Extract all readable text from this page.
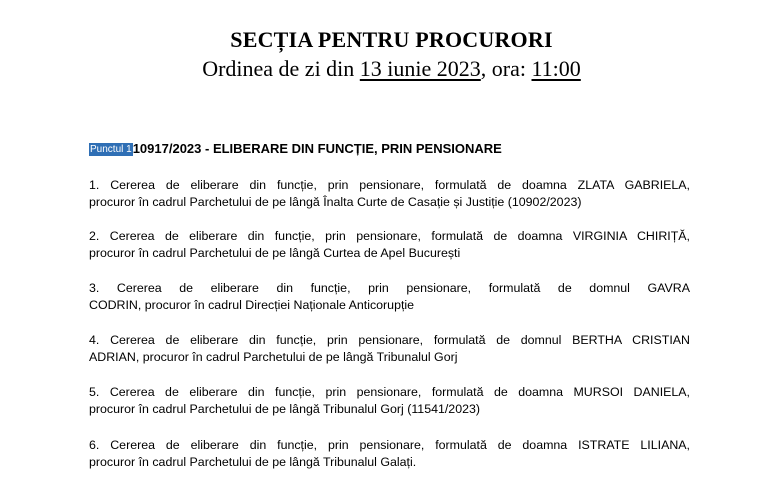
SECȚIA PENTRU PROCURORI
Ordinea de zi din 13 iunie 2023, ora: 11:00
Punctul 110917/2023 - ELIBERARE DIN FUNCȚIE, PRIN PENSIONARE
1. Cererea de eliberare din funcție, prin pensionare, formulată de doamna ZLATA GABRIELA,
procuror în cadrul Parchetului de pe lângă Înalta Curte de Casație și Justiție (10902/2023)
2. Cererea de eliberare din funcție, prin pensionare, formulată de doamna VIRGINIA CHIRIȚĂ,
procuror în cadrul Parchetului de pe lângă Curtea de Apel București
3. Cererea de eliberare din funcție, prin pensionare, formulată de domnul GAVRA
CODRIN, procuror în cadrul Direcției Naționale Anticorupție
4. Cererea de eliberare din funcție, prin pensionare, formulată de domnul BERTHA CRISTIAN
ADRIAN, procuror în cadrul Parchetului de pe lângă Tribunalul Gorj
5. Cererea de eliberare din funcție, prin pensionare, formulată de doamna MURSOI DANIELA,
procuror în cadrul Parchetului de pe lângă Tribunalul Gorj (11541/2023)
6. Cererea de eliberare din funcție, prin pensionare, formulată de doamna ISTRATE LILIANA,
procuror în cadrul Parchetului de pe lângă Tribunalul Galați.
